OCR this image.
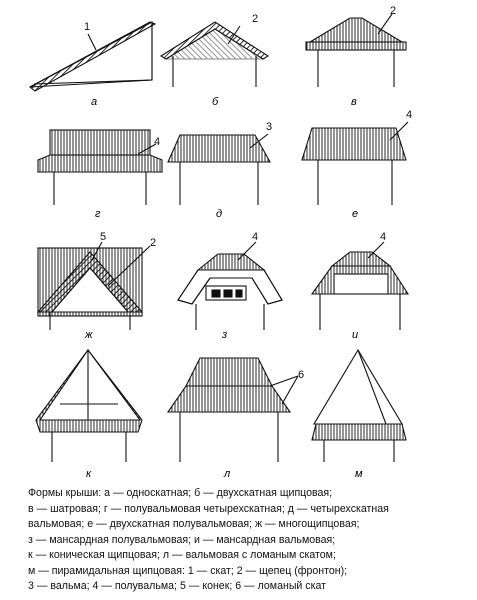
1
2
2
4
3
4
5	2	4	4
6
а	б	в
г	д	е
ж	з	и
к	л	м
Формы крыши: а — односкатная; б — двухскатная щипцовая;
в — шатровая; г — полувальмовая четырехскатная; д — четырехскатная
вальмовая; е — двухскатная полувальмовая; ж — многощипцовая;
з — мансардная полувальмовая; и — мансардная вальмовая;
к — коническая щипцовая; л — вальмовая с ломаным скатом;
м — пирамидальная щипцовая: 1 — скат; 2 — щепец (фронтон);
3 — вальма; 4 — полувальма; 5 — конек; 6 — ломаный скат
